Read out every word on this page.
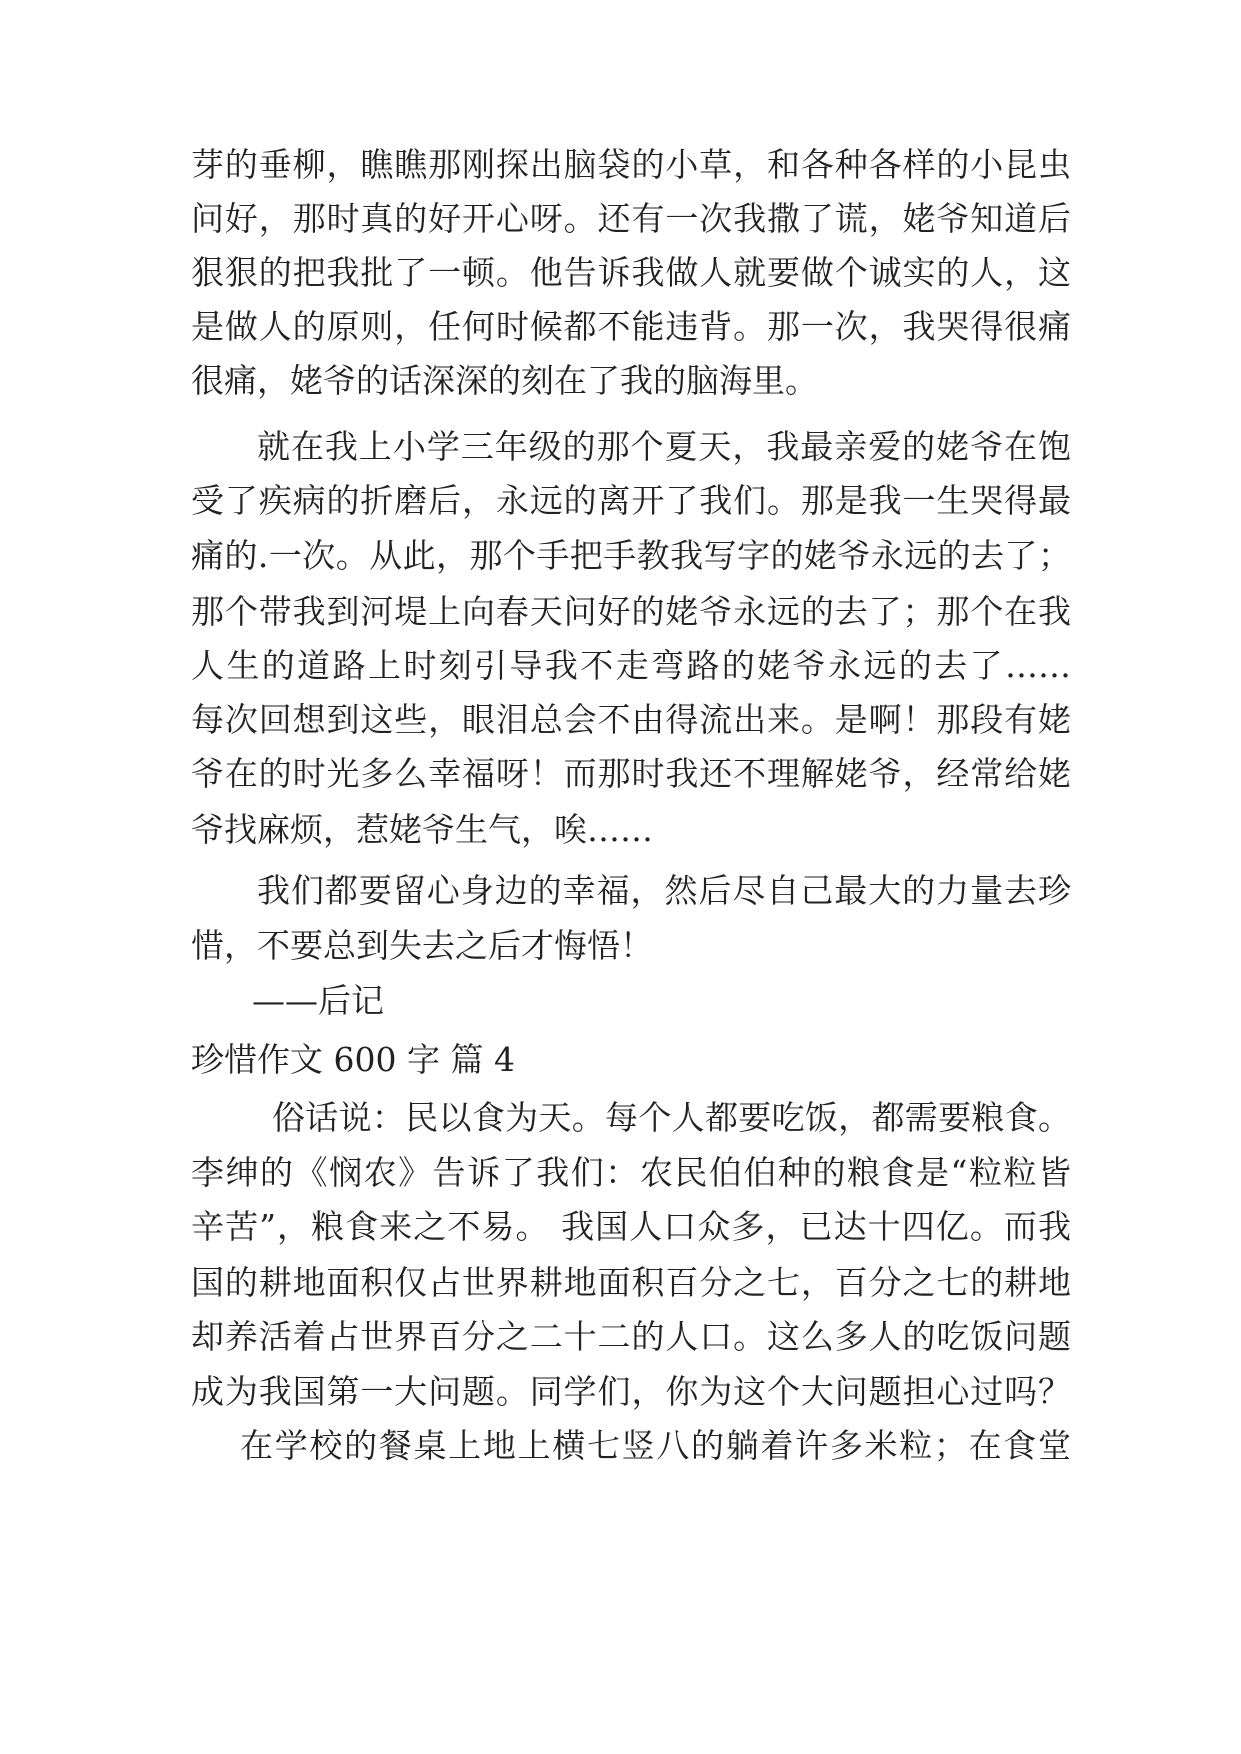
芽的垂柳，瞧瞧那刚探出脑袋的小草，和各种各样的小昆虫
问好，那时真的好开心呀。还有一次我撒了谎，姥爷知道后
狠狠的把我批了一顿。他告诉我做人就要做个诚实的人，这
是做人的原则，任何时候都不能违背。那一次，我哭得很痛
很痛，姥爷的话深深的刻在了我的脑海里。
就在我上小学三年级的那个夏天，我最亲爱的姥爷在饱
受了疾病的折磨后，永远的离开了我们。那是我一生哭得最
痛的.一次。从此，那个手把手教我写字的姥爷永远的去了；
那个带我到河堤上向春天问好的姥爷永远的去了；那个在我
人生的道路上时刻引导我不走弯路的姥爷永远的去了……
每次回想到这些，眼泪总会不由得流出来。是啊！那段有姥
爷在的时光多么幸福呀！而那时我还不理解姥爷，经常给姥
爷找麻烦，惹姥爷生气，唉……
我们都要留心身边的幸福，然后尽自己最大的力量去珍
惜，不要总到失去之后才悔悟！
——后记
珍惜作文 600 字 篇 4
俗话说：民以食为天。每个人都要吃饭，都需要粮食。
李绅的《悯农》告诉了我们：农民伯伯种的粮食是“粒粒皆
辛苦”，粮食来之不易。 我国人口众多，已达十四亿。而我
国的耕地面积仅占世界耕地面积百分之七，百分之七的耕地
却养活着占世界百分之二十二的人口。这么多人的吃饭问题
成为我国第一大问题。同学们，你为这个大问题担心过吗？
在学校的餐桌上地上横七竖八的躺着许多米粒；在食堂
